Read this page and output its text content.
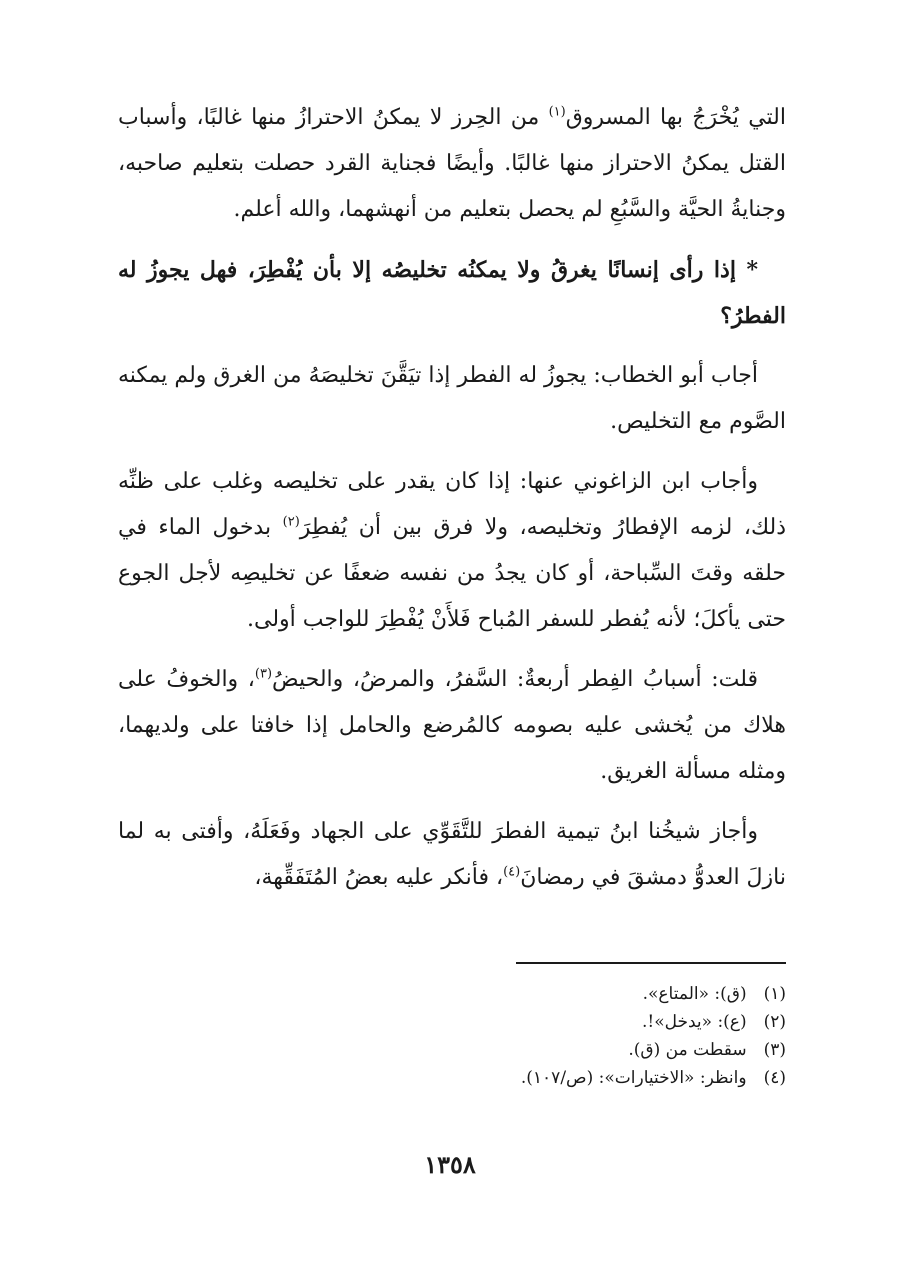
التي يُخْرَجُ بها المسروق$^{(١)}$ من الحِرز لا يمكنُ الاحترازُ منها غالبًا، وأسباب القتل يمكنُ الاحتراز منها غالبًا. وأيضًا فجناية القرد حصلت بتعليم صاحبه، وجنايةُ الحيَّة والسَّبُعِ لم يحصل بتعليم من أنهشهما، والله أعلم.

* إذا رأى إنسانًا يغرقُ ولا يمكنُه تخليصُه إلا بأن يُفْطِرَ، فهل يجوزُ له الفطرُ؟

أجاب أبو الخطاب: يجوزُ له الفطر إذا تيَقَّنَ تخليصَهُ من الغرق ولم يمكنه الصَّوم مع التخليص.

وأجاب ابن الزاغوني عنها: إذا كان يقدر على تخليصه وغلب على ظنِّه ذلك، لزمه الإفطارُ وتخليصه، ولا فرق بين أن يُفطِرَ$^{(٢)}$ بدخول الماء في حلقه وقتَ السِّباحة، أو كان يجدُ من نفسه ضعفًا عن تخليصِه لأجل الجوع حتى يأكلَ؛ لأنه يُفطر للسفر المُباح فَلأَنْ يُفْطِرَ للواجب أولى.

قلت: أسبابُ الفِطر أربعةٌ: السَّفرُ، والمرضُ، والحيضُ$^{(٣)}$، والخوفُ على هلاك من يُخشى عليه بصومه كالمُرضع والحامل إذا خافتا على ولديهما، ومثله مسألة الغريق.

وأجاز شيخُنا ابنُ تيمية الفطرَ للتَّقَوِّي على الجهاد وفَعَلَهُ، وأفتى به لما نازلَ العدوُّ دمشقَ في رمضانَ$^{(٤)}$، فأنكر عليه بعضُ المُتَفَقِّهة،

(١) (ق): «المتاع».

(٢) (ع): «يدخل»!.

(٣) سقطت من (ق).

(٤) وانظر: «الاختيارات»: (ص/١٠٧).

١٣٥٨
